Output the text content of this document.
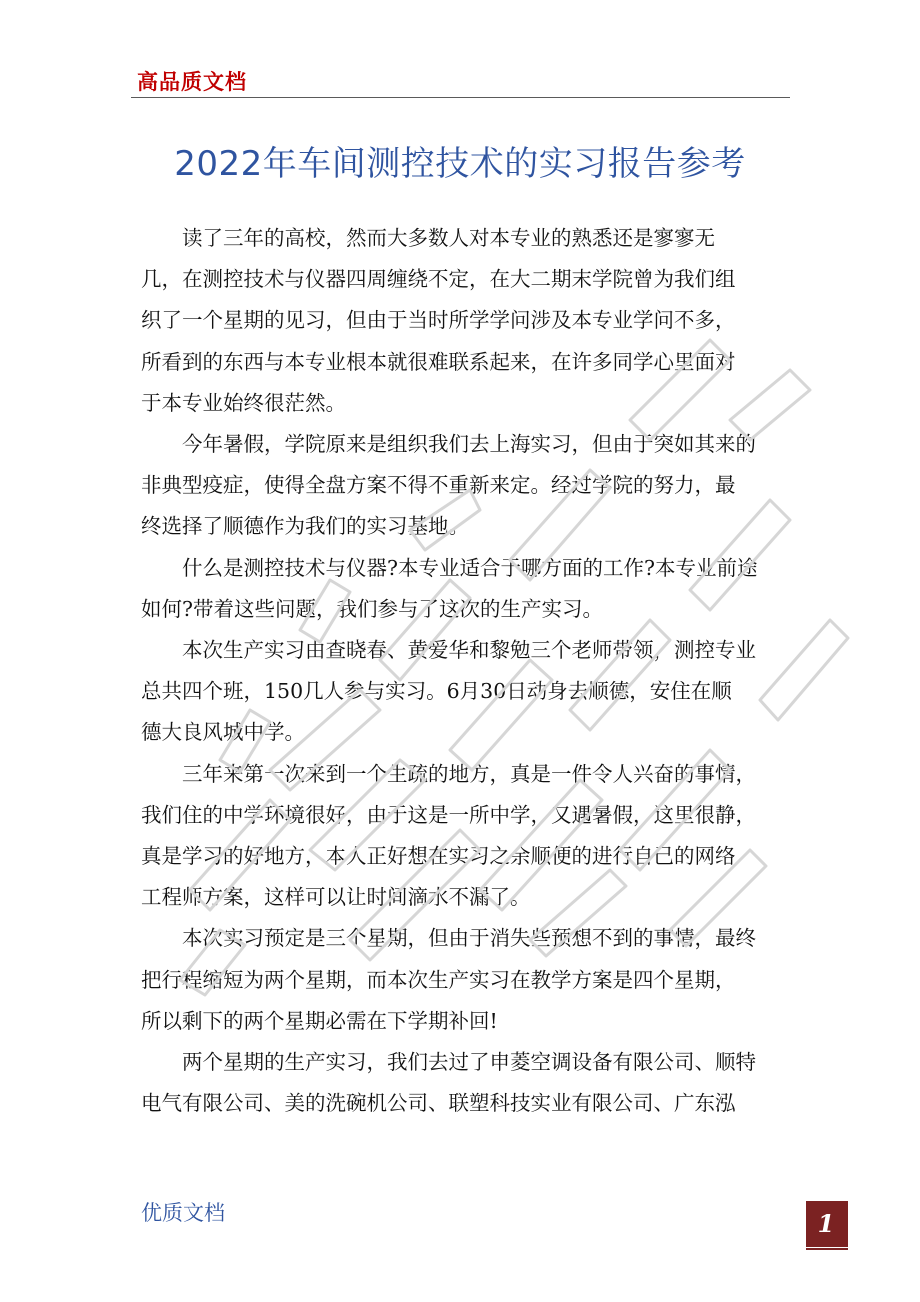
高品质文档
2022年车间测控技术的实习报告参考

　　读了三年的高校，然而大多数人对本专业的熟悉还是寥寥无

几，在测控技术与仪器四周缠绕不定，在大二期末学院曾为我们组

织了一个星期的见习，但由于当时所学学问涉及本专业学问不多，

所看到的东西与本专业根本就很难联系起来，在许多同学心里面对

于本专业始终很茫然。

　　今年暑假，学院原来是组织我们去上海实习，但由于突如其来的

非典型疫症，使得全盘方案不得不重新来定。经过学院的努力，最

终选择了顺德作为我们的实习基地。

　　什么是测控技术与仪器?本专业适合于哪方面的工作?本专业前途

如何?带着这些问题，我们参与了这次的生产实习。

　　本次生产实习由查晓春、黄爱华和黎勉三个老师带领，测控专业

总共四个班，150几人参与实习。6月30日动身去顺德，安住在顺

德大良风城中学。

　　三年来第一次来到一个生疏的地方，真是一件令人兴奋的事情，

我们住的中学环境很好，由于这是一所中学，又遇暑假，这里很静，

真是学习的好地方，本人正好想在实习之余顺便的进行自己的网络

工程师方案，这样可以让时间滴水不漏了。

　　本次实习预定是三个星期，但由于消失些预想不到的事情，最终

把行程缩短为两个星期，而本次生产实习在教学方案是四个星期，

所以剩下的两个星期必需在下学期补回!

　　两个星期的生产实习，我们去过了申菱空调设备有限公司、顺特

电气有限公司、美的洗碗机公司、联塑科技实业有限公司、广东泓

优质文档	1
